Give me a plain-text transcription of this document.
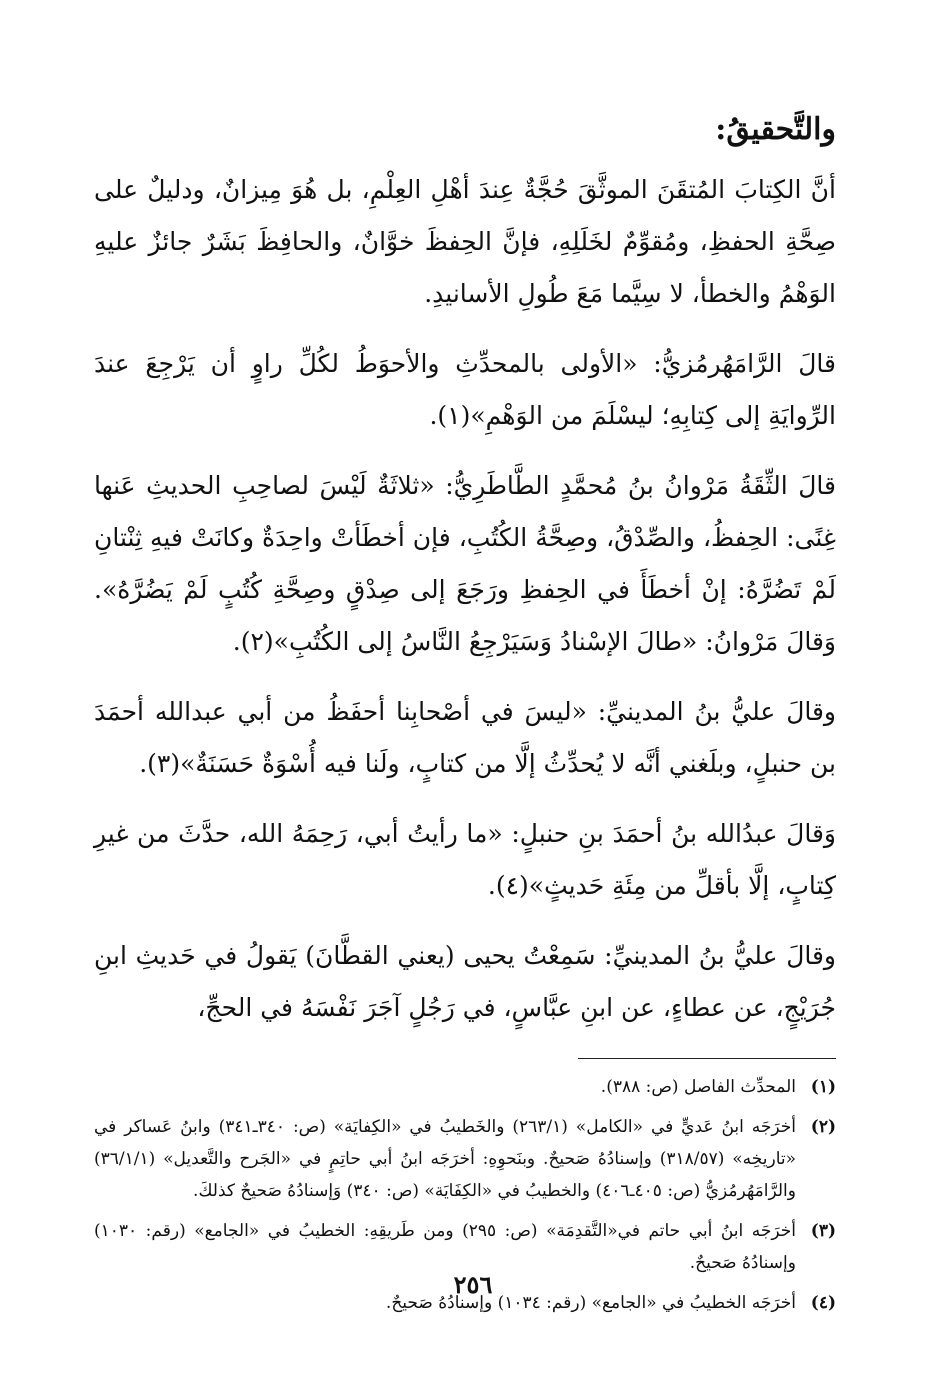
والتَّحقيقُ:

أنَّ الكِتابَ المُتقَنَ الموثَّقَ حُجَّةٌ عِندَ أهْلِ العِلْمِ، بل هُوَ مِيزانٌ، ودليلٌ على صِحَّةِ الحفظِ، ومُقوِّمٌ لخَلَلِهِ، فإنَّ الحِفظَ خوَّانٌ، والحافِظَ بَشَرٌ جائزٌ عليهِ الوَهْمُ والخطأ، لا سِيَّما مَعَ طُولِ الأسانيدِ.

قالَ الرَّامَهُرمُزيُّ: «الأولى بالمحدِّثِ والأحوَطُ لكُلِّ راوٍ أن يَرْجِعَ عندَ الرِّوايَةِ إلى كِتابِهِ؛ ليسْلَمَ من الوَهْمِ»(١).

قالَ الثِّقَةُ مَرْوانُ بنُ مُحمَّدٍ الطَّاطَرِيُّ: «ثلاثَةٌ لَيْسَ لصاحِبِ الحديثِ عَنها غِنًى: الحِفظُ، والصِّدْقُ، وصِحَّةُ الكُتُبِ، فإن أخطَأتْ واحِدَةٌ وكانَتْ فيهِ ثِنْتانِ لَمْ تَضُرَّهُ: إنْ أخطَأَ في الحِفظِ ورَجَعَ إلى صِدْقٍ وصِحَّةِ كُتُبٍ لَمْ يَضُرَّهُ». وَقالَ مَرْوانُ: «طالَ الإسْنادُ وَسَيَرْجِعُ النَّاسُ إلى الكُتُبِ»(٢).

وقالَ عليُّ بنُ المدينيِّ: «ليسَ في أصْحابِنا أحفَظُ من أبي عبدالله أحمَدَ بن حنبلٍ، وبلَغني أنَّه لا يُحدِّثُ إلَّا من كتابٍ، ولَنا فيه أُسْوَةٌ حَسَنَةٌ»(٣).

وَقالَ عبدُالله بنُ أحمَدَ بنِ حنبلٍ: «ما رأيتُ أبي، رَحِمَهُ الله، حدَّثَ من غيرِ كِتابٍ، إلَّا بأقلِّ من مِئَةِ حَديثٍ»(٤).

وقالَ عليُّ بنُ المدينيِّ: سَمِعْتُ يحيى (يعني القطَّانَ) يَقولُ في حَديثِ ابنِ جُرَيْجٍ، عن عطاءٍ، عن ابنِ عبَّاسٍ، في رَجُلٍ آجَرَ نَفْسَهُ في الحجِّ،

(١)
المحدِّث الفاصل (ص: ٣٨٨).
(٢)
أخرَجَه ابنُ عَديٍّ في «الكامل» (٢٦٣/١) والخَطيبُ في «الكِفايَة» (ص: ٣٤٠ـ٣٤١) وابنُ عَساكر في «تاريخِه» (٣١٨/٥٧) وإسنادُهُ صَحيحٌ. وبنَحوِهِ: أخرَجَه ابنُ أبي حاتِمٍ في «الجَرح والتَّعديل» (٣٦/١/١) والرَّامَهُرمُزيُّ (ص: ٤٠٥ـ٤٠٦) والخطيبُ في «الكِفَايَة» (ص: ٣٤٠) وَإسنادُهُ صَحيحٌ كذلكَ.
(٣)
أخرَجَه ابنُ أبي حاتم في«التَّقدِمَة» (ص: ٢٩٥) ومن طَريقِهِ: الخطيبُ في «الجامع» (رقم: ١٠٣٠) وإسنادُهُ صَحيحٌ.
(٤)
أخرَجَه الخطيبُ في «الجامع» (رقم: ١٠٣٤) وإسنادُهُ صَحيحٌ.
٢٥٦
